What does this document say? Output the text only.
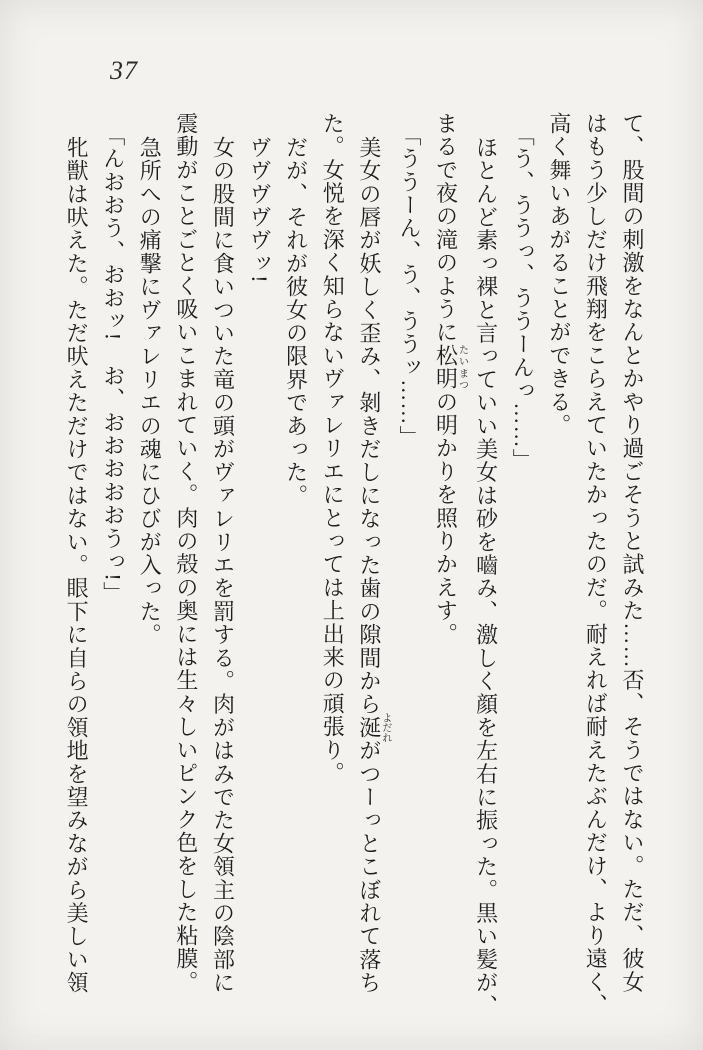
37

て、股間の刺激をなんとかやり過ごそうと試みた……否、そうではない。ただ、彼女

はもう少しだけ飛翔をこらえていたかったのだ。耐えれば耐えたぶんだけ、より遠く、

高く舞いあがることができる。

「う、ううっ、ううーんっ……」

ほとんど素っ裸と言っていい美女は砂を嚙み、激しく顔を左右に振った。黒い髪が、

まるで夜の滝のように松明たいまつの明かりを照りかえす。

「ううーん、う、ううッ……」

美女の唇が妖しく歪み、剝きだしになった歯の隙間から涎よだれがつーっとこぼれて落ち

た。女悦を深く知らないヴァレリエにとっては上出来の頑張り。

だが、それが彼女の限界であった。

ヴヴヴヴヴッ!

女の股間に食いついた竜の頭がヴァレリエを罰する。肉がはみでた女領主の陰部に

震動がことごとく吸いこまれていく。肉の殻の奥には生々しいピンク色をした粘膜。

急所への痛撃にヴァレリエの魂にひびが入った。

「んおおう、おおッ!　お、おおおおおうっ!」

牝獣は吠えた。ただ吠えただけではない。眼下に自らの領地を望みながら美しい領
